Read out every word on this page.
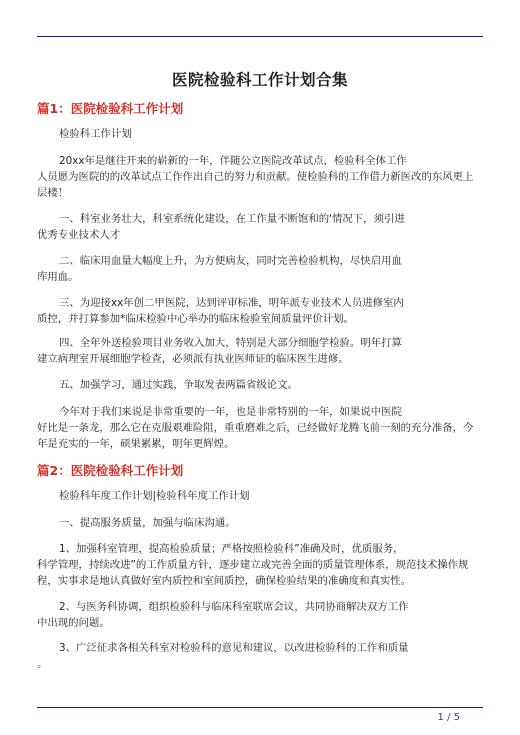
医院检验科工作计划合集
篇1：医院检验科工作计划
检验科工作计划
20xx年是继往开来的崭新的一年，伴随公立医院改革试点，检验科全体工作
人员愿为医院的的改革试点工作作出自己的努力和贡献。使检验科的工作借力新医改的东风更上
层楼！
一、科室业务壮大，科室系统化建设，在工作量不断饱和的'情况下，须引进
优秀专业技术人才
二、临床用血量大幅度上升，为方便病友，同时完善检验机构，尽快启用血
库用血。
三、为迎接xx年创二甲医院，达到评审标准，明年派专业技术人员进修室内
质控，并打算参加*临床检验中心举办的临床检验室间质量评价计划。
四、全年外送检验项目业务收入加大，特别是大部分细胞学检验。明年打算
建立病理室开展细胞学检查，必须派有执业医师证的临床医生进修。
五、加强学习，通过实践，争取发表两篇省级论文。
今年对于我们来说是非常重要的一年，也是非常特别的一年，如果说中医院
好比是一条龙，那么它在克服艰难险阻，重重磨难之后，已经做好龙腾飞前一刻的充分准备，今
年是充实的一年，硕果累累，明年更辉煌。
篇2：医院检验科工作计划
检验科年度工作计划|检验科年度工作计划
一、提高服务质量，加强与临床沟通。
1、加强科室管理，提高检验质量；严格按照检验科”准确及时，优质服务，
科学管理，持续改进”的工作质量方针，逐步建立或完善全面的质量管理体系，规范技术操作规
程，实事求是地认真做好室内质控和室间质控，确保检验结果的准确度和真实性。
2、与医务科协调，组织检验科与临床科室联席会议，共同协商解决双方工作
中出现的问题。
3、广泛征求各相关科室对检验科的意见和建议，以改进检验科的工作和质量
。
1 / 5
